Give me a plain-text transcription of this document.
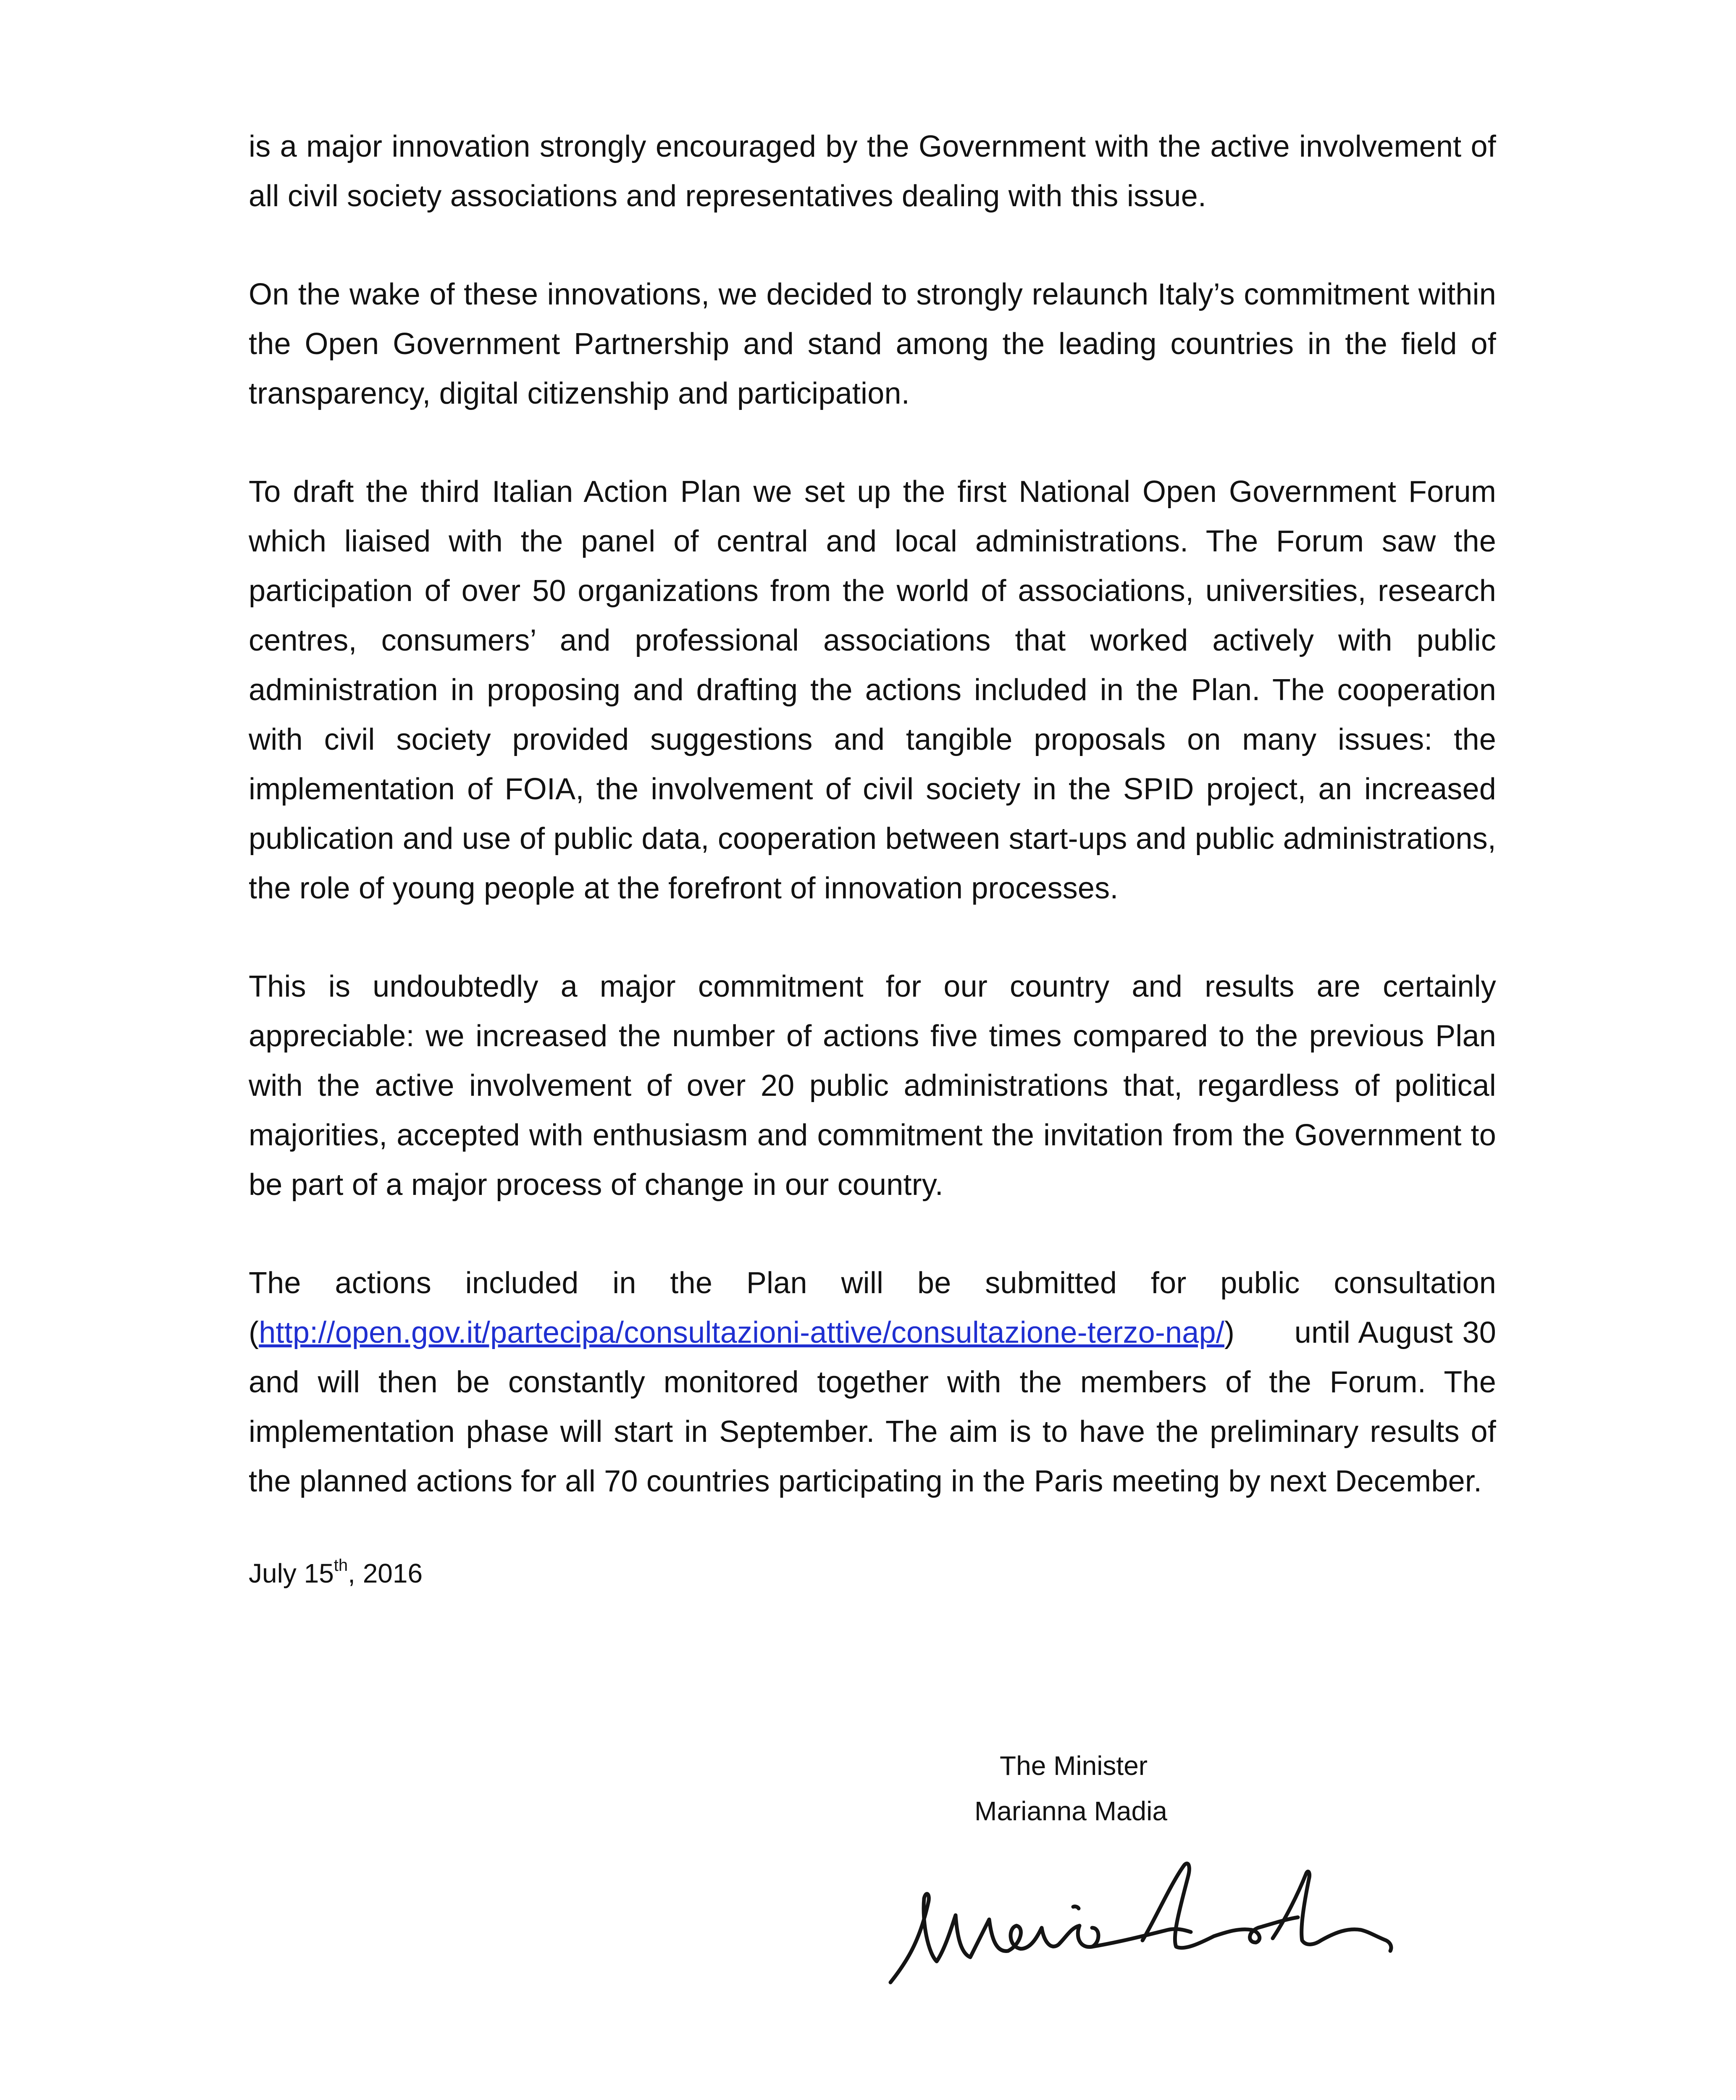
is a major innovation strongly encouraged by the Government with the active involvement of all civil society associations and representatives dealing with this issue.

On the wake of these innovations, we decided to strongly relaunch Italy’s commitment within the Open Government Partnership and stand among the leading countries in the field of transparency, digital citizenship and participation.

To draft the third Italian Action Plan we set up the first National Open Government Forum which liaised with the panel of central and local administrations. The Forum saw the participation of over 50 organizations from the world of associations, universities, research centres, consumers’ and professional associations that worked actively with public administration in proposing and drafting the actions included in the Plan. The cooperation with civil society provided suggestions and tangible proposals on many issues: the implementation of FOIA, the involvement of civil society in the SPID project, an increased publication and use of public data, cooperation between start-ups and public administrations, the role of young people at the forefront of innovation processes.

This is undoubtedly a major commitment for our country and results are certainly appreciable: we increased the number of actions five times compared to the previous Plan with the active involvement of over 20 public administrations that, regardless of political majorities, accepted with enthusiasm and commitment the invitation from the Government to be part of a major process of change in our country.

The actions included in the Plan will be submitted for public consultation (http://open.gov.it/partecipa/consultazioni-attive/consultazione-terzo-nap/) until August 30 and will then be constantly monitored together with the members of the Forum. The implementation phase will start in September. The aim is to have the preliminary results of the planned actions for all 70 countries participating in the Paris meeting by next December.

July 15th, 2016

The Minister
Marianna Madia
